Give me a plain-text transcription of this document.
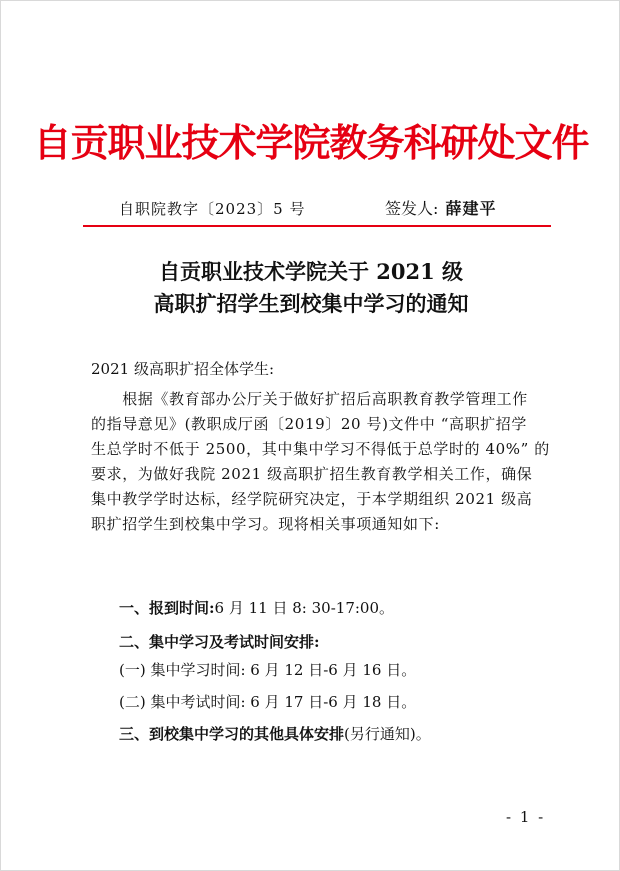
自贡职业技术学院教务科研处文件
自职院教字〔2023〕5 号	签发人: 薛建平
自贡职业技术学院关于 2021 级
高职扩招学生到校集中学习的通知
2021 级高职扩招全体学生:
　　根据《教育部办公厅关于做好扩招后高职教育教学管理工作
的指导意见》(教职成厅函〔2019〕20 号)文件中 “高职扩招学
生总学时不低于 2500，其中集中学习不得低于总学时的 40%” 的
要求，为做好我院 2021 级高职扩招生教育教学相关工作，确保
集中教学学时达标，经学院研究决定，于本学期组织 2021 级高
职扩招学生到校集中学习。现将相关事项通知如下:
一、报到时间:6 月 11 日 8: 30-17:00。
二、集中学习及考试时间安排:
(一) 集中学习时间: 6 月 12 日-6 月 16 日。
(二) 集中考试时间: 6 月 17 日-6 月 18 日。
三、到校集中学习的其他具体安排(另行通知)。
- 1 -
